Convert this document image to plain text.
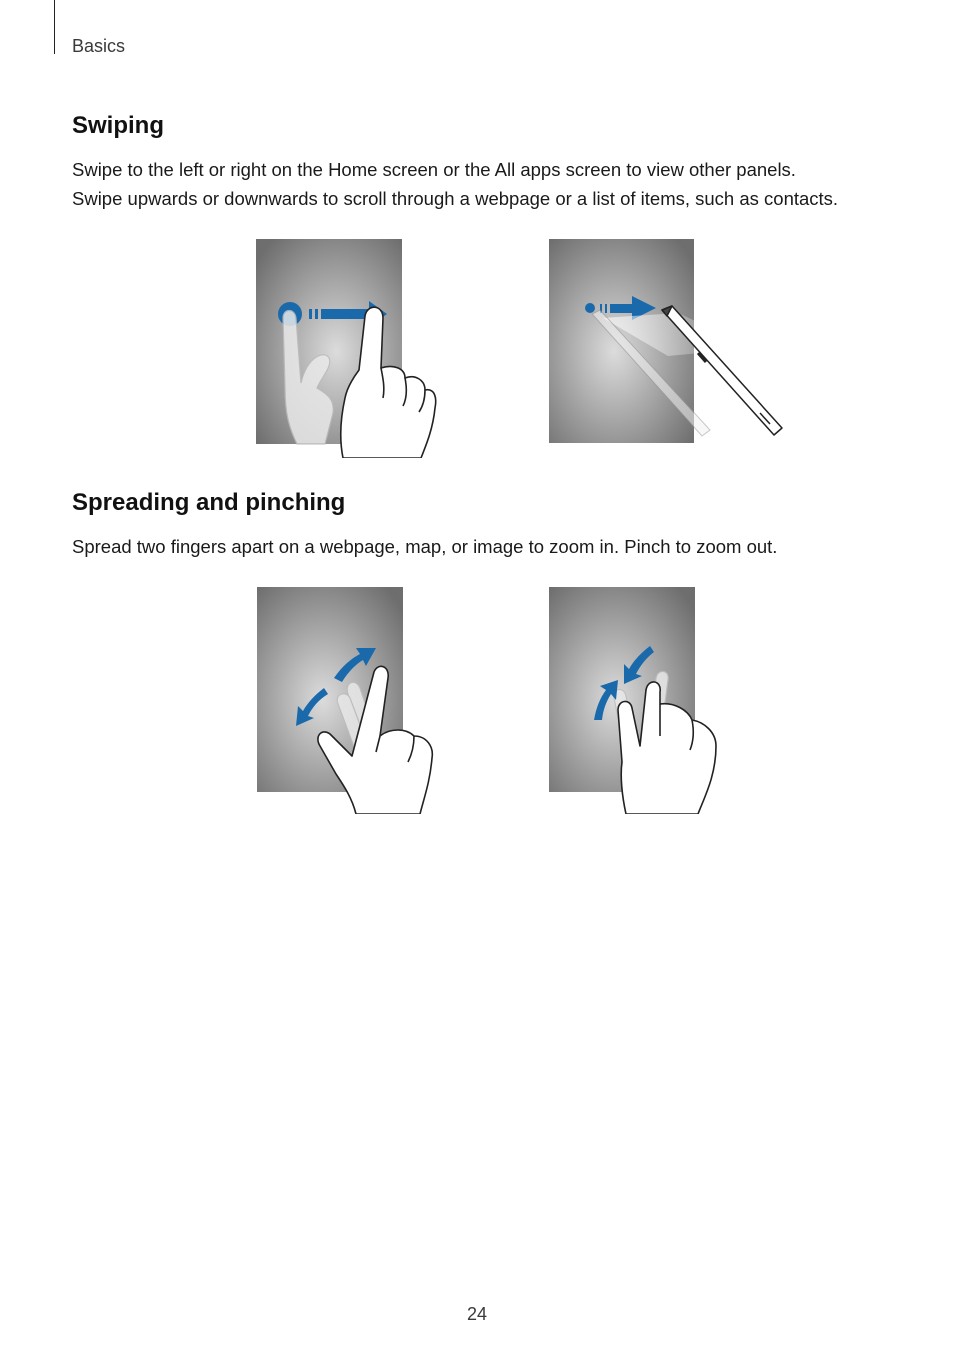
Basics
Swiping

Swipe to the left or right on the Home screen or the All apps screen to view other panels.
Swipe upwards or downwards to scroll through a webpage or a list of items, such as contacts.

Spreading and pinching

Spread two fingers apart on a webpage, map, or image to zoom in. Pinch to zoom out.

24
